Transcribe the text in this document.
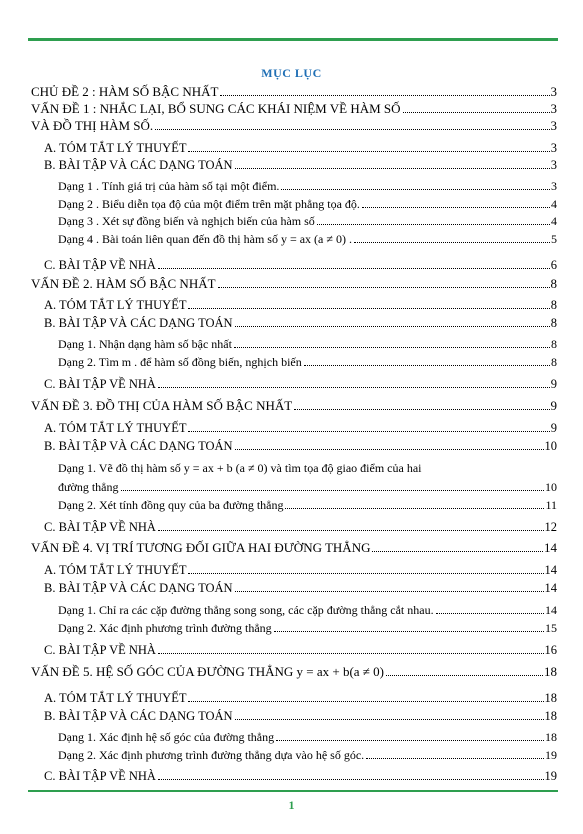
MỤC LỤC
CHỦ ĐỀ 2 : HÀM SỐ BẬC NHẤT	3
VẤN ĐỀ 1 : NHẮC LẠI, BỔ SUNG CÁC KHÁI NIỆM VỀ HÀM SỐ	3
VÀ ĐỒ THỊ HÀM SỐ.	3
A. TÓM TẮT LÝ THUYẾT	3
B. BÀI TẬP VÀ CÁC DẠNG TOÁN	3
Dạng 1 . Tính giá trị của hàm số tại một điểm.	3
Dạng 2 . Biểu diễn tọa độ của một điểm trên mặt phẳng tọa độ.	4
Dạng 3 . Xét sự đồng biến và nghịch biến của hàm số	4
Dạng 4 . Bài toán liên quan đến đồ thị hàm số y = ax (a ≠ 0) .	5
C. BÀI TẬP VỀ NHÀ	6
VẤN ĐỀ 2. HÀM SỐ BẬC NHẤT	8
A. TÓM TẮT LÝ THUYẾT	8
B. BÀI TẬP VÀ CÁC DẠNG TOÁN	8
Dạng 1. Nhận dạng hàm số bậc nhất	8
Dạng 2. Tìm m . để hàm số đồng biến, nghịch biến	8
C. BÀI TẬP VỀ NHÀ	9
VẤN ĐỀ 3. ĐỒ THỊ CỦA HÀM SỐ BẬC NHẤT	9
A. TÓM TẮT LÝ THUYẾT	9
B. BÀI TẬP VÀ CÁC DẠNG TOÁN	10
Dạng 1. Vẽ đồ thị hàm số y = ax + b (a ≠ 0) và tìm tọa độ giao điểm của hai
đường thẳng	10
Dạng 2. Xét tính đồng quy của ba đường thẳng	11
C. BÀI TẬP VỀ NHÀ	12
VẤN ĐỀ 4. VỊ TRÍ TƯƠNG ĐỐI GIỮA HAI ĐƯỜNG THẲNG	14
A. TÓM TẮT LÝ THUYẾT	14
B. BÀI TẬP VÀ CÁC DẠNG TOÁN	14
Dạng 1. Chỉ ra các cặp đường thẳng song song, các cặp đường thẳng cắt nhau.	14
Dạng 2. Xác định phương trình đường thẳng	15
C. BÀI TẬP VỀ NHÀ	16
VẤN ĐỀ 5. HỆ SỐ GÓC CỦA ĐƯỜNG THẲNG y = ax + b(a ≠ 0)	18
A. TÓM TẮT LÝ THUYẾT	18
B. BÀI TẬP VÀ CÁC DẠNG TOÁN	18
Dạng 1. Xác định hệ số góc của đường thẳng	18
Dạng 2. Xác định phương trình đường thẳng dựa vào hệ số góc.	19
C. BÀI TẬP VỀ NHÀ	19
1
